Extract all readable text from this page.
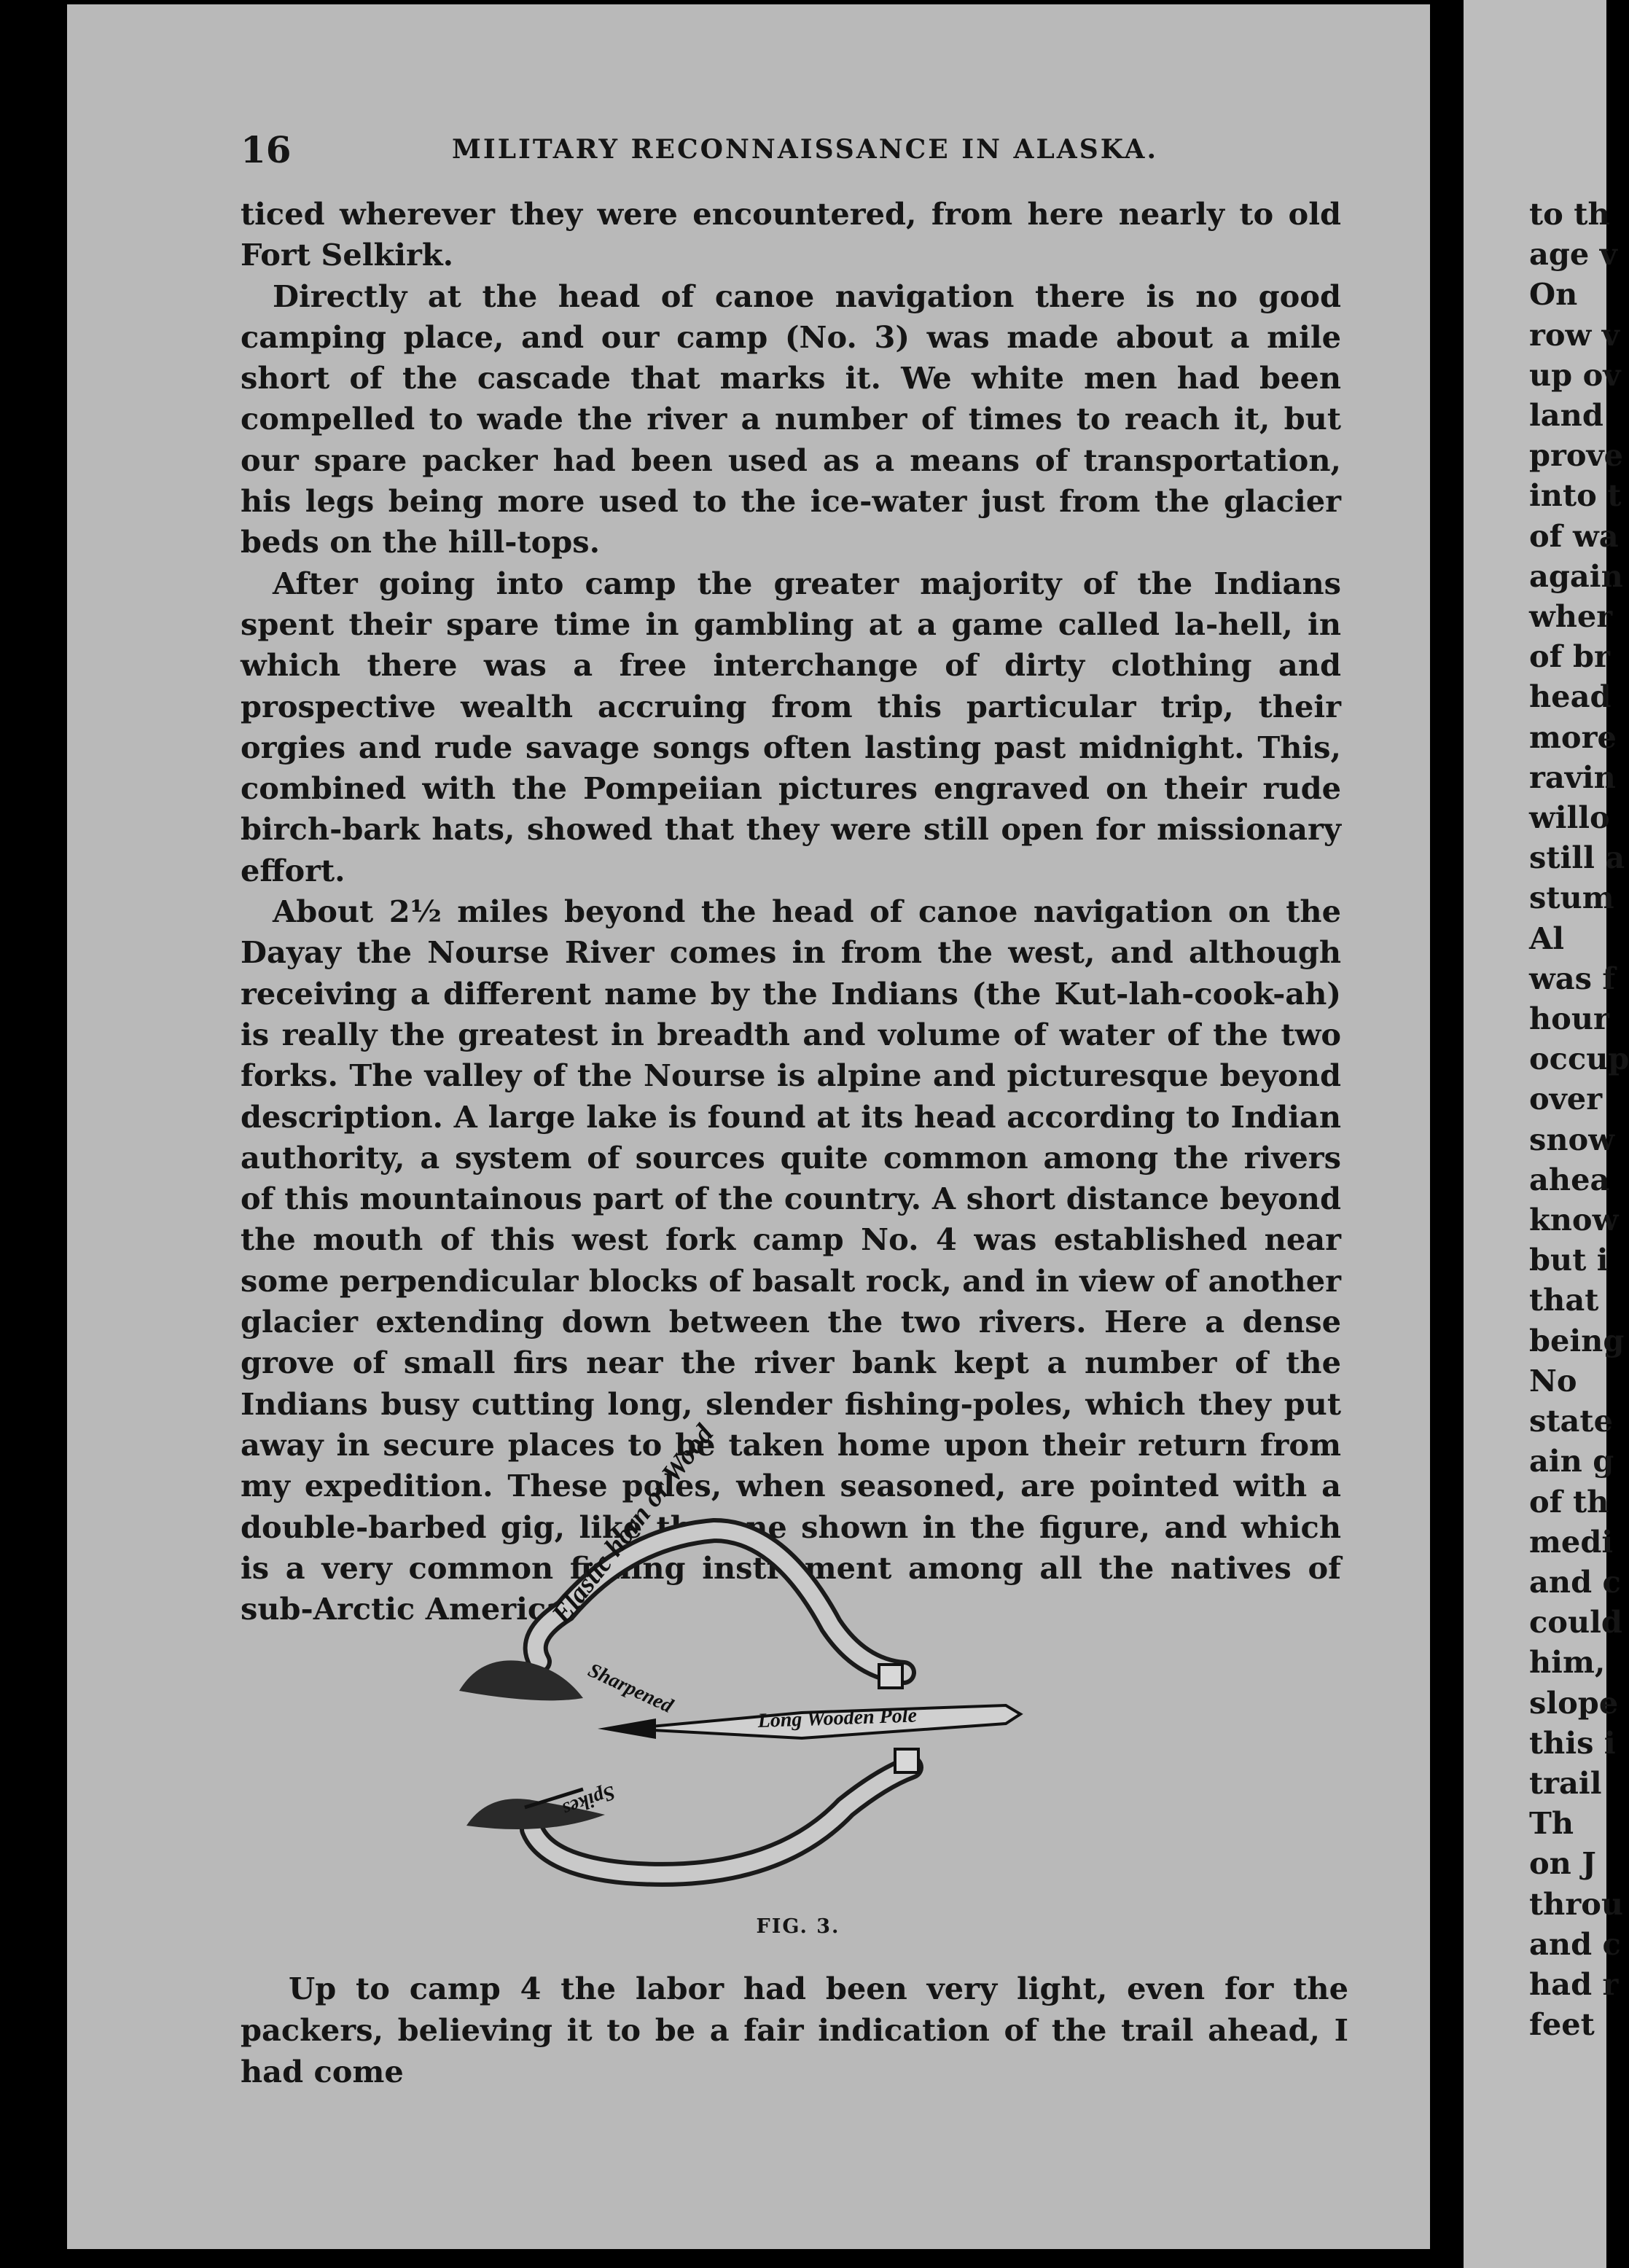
to th
age v
On
row v
up ov
land
prove
into t
of wa
again
wher
of br
head
more
ravin
willo
still a
stum
Al
was f
hour
occup
over
snow
ahea
know
but i
that
being
No
state
ain g
of th
medi
and c
could
him,
slope
this i
trail
Th
on J
throu
and c
had r
feet
16	MILITARY RECONNAISSANCE IN ALASKA.

ticed wherever they were encountered, from here nearly to old Fort Selkirk.

Directly at the head of canoe navigation there is no good camping place, and our camp (No. 3) was made about a mile short of the cascade that marks it. We white men had been compelled to wade the river a number of times to reach it, but our spare packer had been used as a means of transportation, his legs being more used to the ice-water just from the glacier beds on the hill-tops.

After going into camp the greater majority of the Indians spent their spare time in gambling at a game called la-hell, in which there was a free interchange of dirty clothing and prospective wealth accruing from this particular trip, their orgies and rude savage songs often lasting past midnight. This, combined with the Pompeiian pictures engraved on their rude birch-bark hats, showed that they were still open for missionary effort.

About 2½ miles beyond the head of canoe navigation on the Dayay the Nourse River comes in from the west, and although receiving a different name by the Indians (the Kut-lah-cook-ah) is really the greatest in breadth and volume of water of the two forks. The valley of the Nourse is alpine and picturesque beyond description. A large lake is found at its head according to Indian authority, a system of sources quite common among the rivers of this mountainous part of the country. A short distance beyond the mouth of this west fork camp No. 4 was established near some perpendicular blocks of basalt rock, and in view of another glacier extending down between the two rivers. Here a dense grove of small firs near the river bank kept a number of the Indians busy cutting long, slender fishing-poles, which they put away in secure places to be taken home upon their return from my expedition. These poles, when seasoned, are pointed with a double-barbed gig, like the one shown in the figure, and which is a very common fishing instrument among all the natives of sub-Arctic America.

Elastic horn or Wood
Sharpened
Long Wooden Pole
Spikes
FIG. 3.

Up to camp 4 the labor had been very light, even for the packers, believing it to be a fair indication of the trail ahead, I had come
